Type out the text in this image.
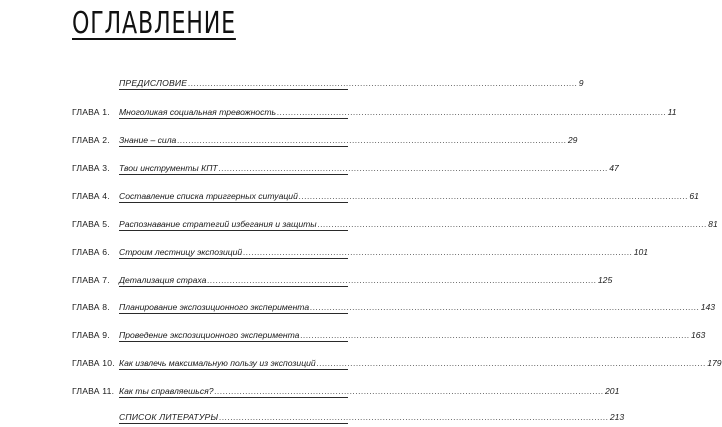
ОГЛАВЛЕНИЕ
ПРЕДИСЛОВИЕ .......................................................................................................................................... 9
ГЛАВА 1.	Многоликая социальная тревожность .......................................................................................................................................... 11
ГЛАВА 2.	Знание – сила .......................................................................................................................................... 29
ГЛАВА 3.	Твои инструменты КПТ .......................................................................................................................................... 47
ГЛАВА 4.	Составление списка триггерных ситуаций .......................................................................................................................................... 61
ГЛАВА 5.	Распознавание стратегий избегания и защиты .......................................................................................................................................... 81
ГЛАВА 6.	Строим лестницу экспозиций .......................................................................................................................................... 101
ГЛАВА 7.	Детализация страха .......................................................................................................................................... 125
ГЛАВА 8.	Планирование экспозиционного эксперимента .......................................................................................................................................... 143
ГЛАВА 9.	Проведение экспозиционного эксперимента .......................................................................................................................................... 163
ГЛАВА 10. Как извлечь максимальную пользу из экспозиций .......................................................................................................................................... 179
ГЛАВА 11. Как ты справляешься? .......................................................................................................................................... 201
СПИСОК ЛИТЕРАТУРЫ .......................................................................................................................................... 213
